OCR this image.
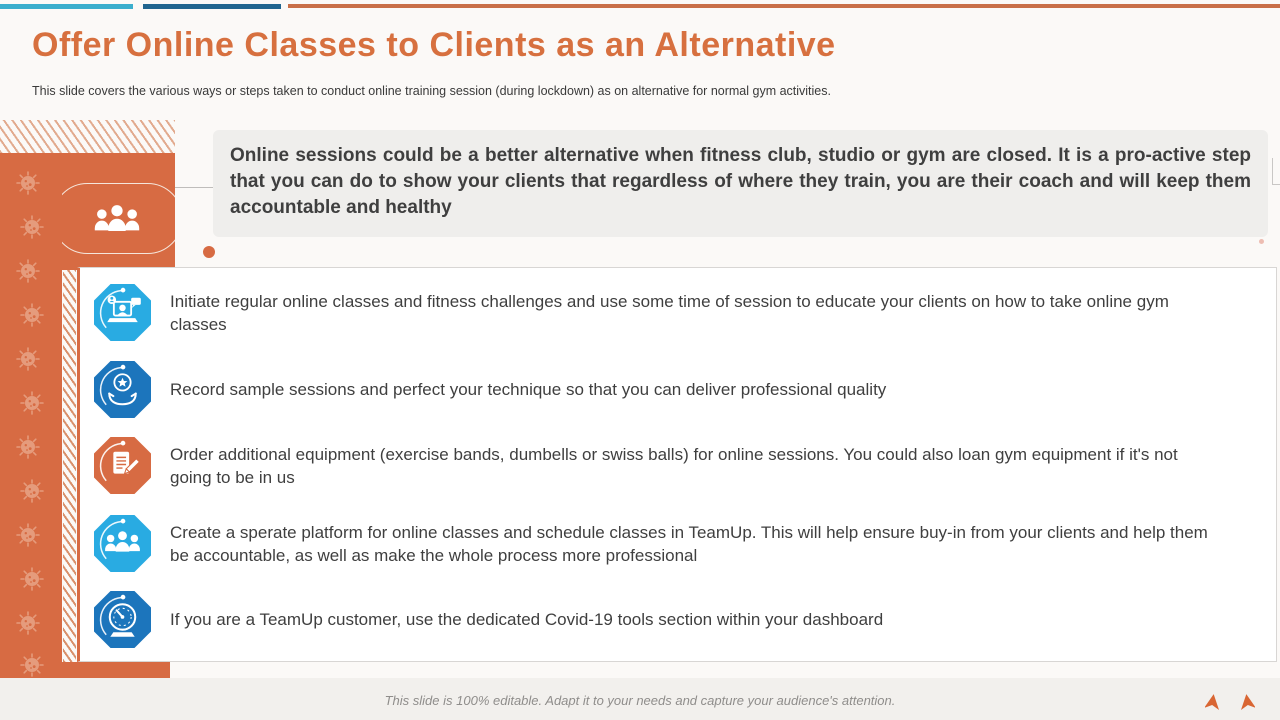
Offer Online Classes to Clients as an Alternative

This slide covers the various ways or steps taken to conduct online training session (during lockdown) as on alternative for normal gym activities.

Online sessions could be a better alternative when fitness club, studio or gym are closed. It is a pro-active step that you can do to show your clients that regardless of where they train, you are their coach and will keep them accountable and healthy
Initiate regular online classes and fitness challenges and use some time of session to educate your clients on how to take online gym classes
Record sample sessions and perfect your technique so that you can deliver professional quality
Order additional equipment (exercise bands, dumbells or swiss balls) for online sessions. You could also loan gym equipment if it's not going to be in us
Create a sperate platform for online classes and schedule classes in TeamUp. This will help ensure buy-in from your clients and help them be accountable, as well as make the whole process more professional
If you are a TeamUp customer, use the dedicated Covid-19 tools section within your dashboard
This slide is 100% editable. Adapt it to your needs and capture your audience's attention.
